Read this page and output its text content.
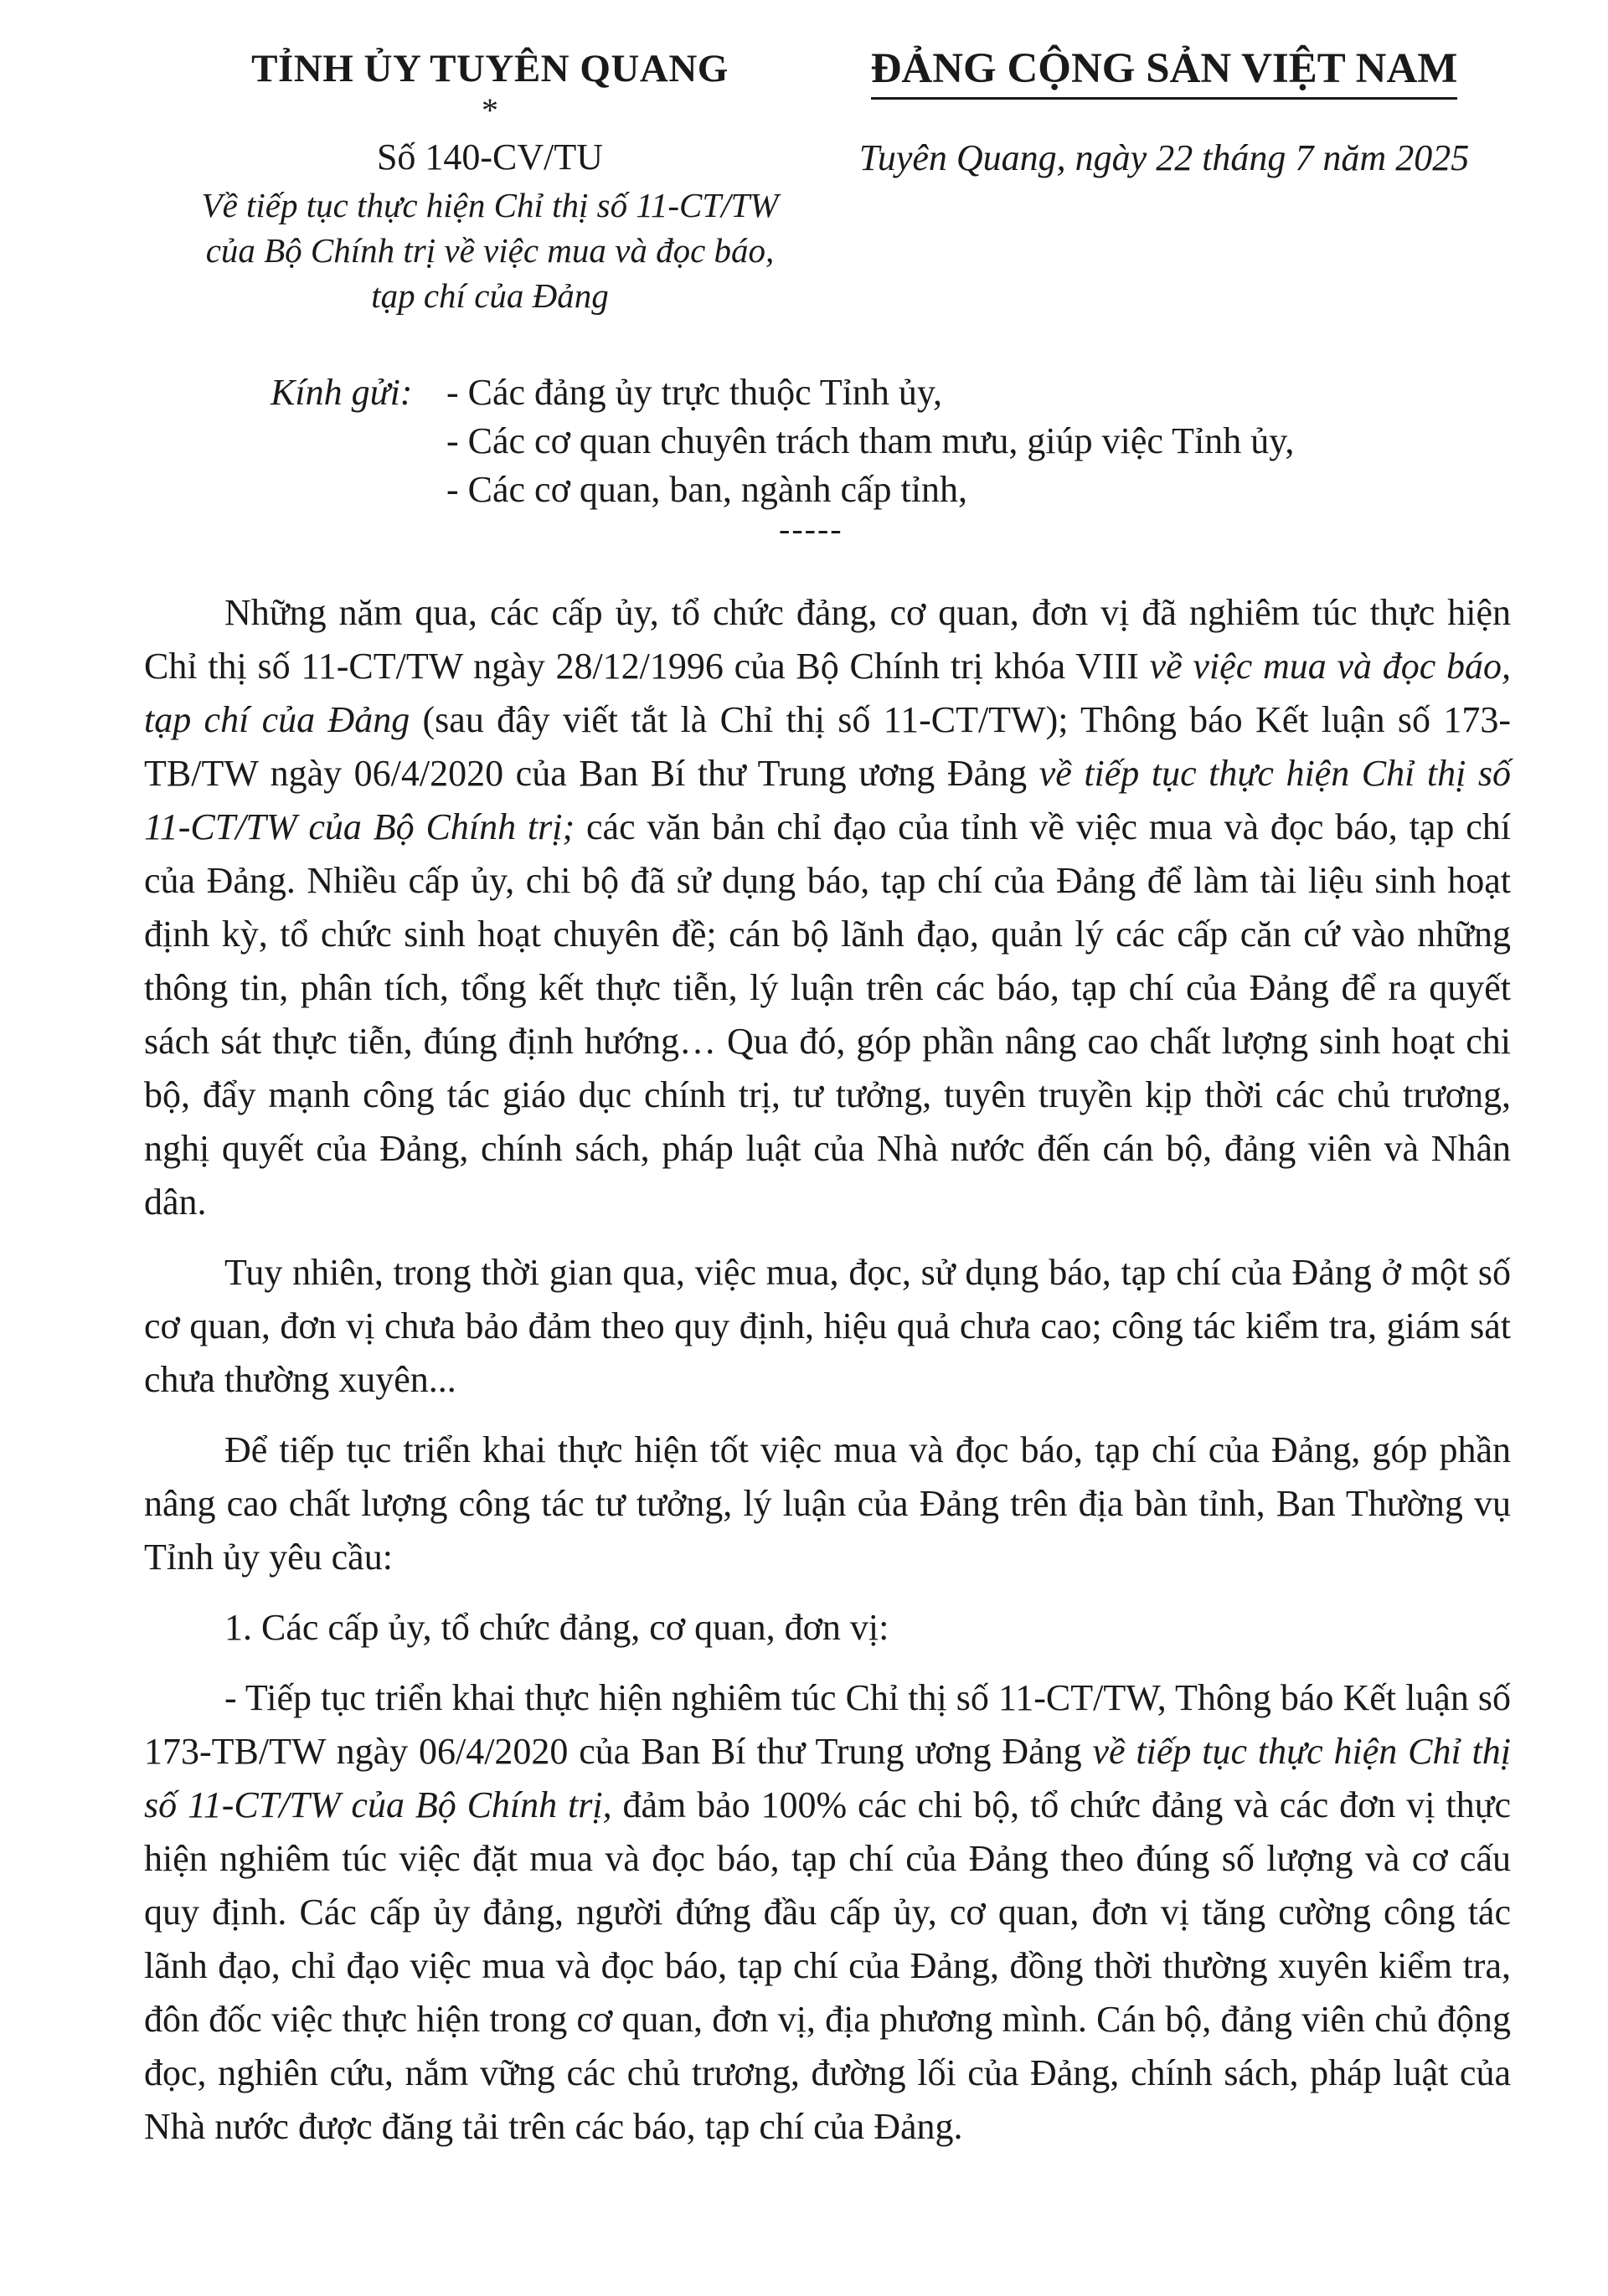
TỈNH ỦY TUYÊN QUANG
*
Số 140-CV/TU
Về tiếp tục thực hiện Chỉ thị số 11-CT/TW
của Bộ Chính trị về việc mua và đọc báo,
tạp chí của Đảng
ĐẢNG CỘNG SẢN VIỆT NAM
Tuyên Quang, ngày 22 tháng 7 năm 2025
Kính gửi: - Các đảng ủy trực thuộc Tỉnh ủy,
- Các cơ quan chuyên trách tham mưu, giúp việc Tỉnh ủy,
- Các cơ quan, ban, ngành cấp tỉnh,
-----

Những năm qua, các cấp ủy, tổ chức đảng, cơ quan, đơn vị đã nghiêm túc thực hiện Chỉ thị số 11-CT/TW ngày 28/12/1996 của Bộ Chính trị khóa VIII về việc mua và đọc báo, tạp chí của Đảng (sau đây viết tắt là Chỉ thị số 11-CT/TW); Thông báo Kết luận số 173-TB/TW ngày 06/4/2020 của Ban Bí thư Trung ương Đảng về tiếp tục thực hiện Chỉ thị số 11-CT/TW của Bộ Chính trị; các văn bản chỉ đạo của tỉnh về việc mua và đọc báo, tạp chí của Đảng. Nhiều cấp ủy, chi bộ đã sử dụng báo, tạp chí của Đảng để làm tài liệu sinh hoạt định kỳ, tổ chức sinh hoạt chuyên đề; cán bộ lãnh đạo, quản lý các cấp căn cứ vào những thông tin, phân tích, tổng kết thực tiễn, lý luận trên các báo, tạp chí của Đảng để ra quyết sách sát thực tiễn, đúng định hướng… Qua đó, góp phần nâng cao chất lượng sinh hoạt chi bộ, đẩy mạnh công tác giáo dục chính trị, tư tưởng, tuyên truyền kịp thời các chủ trương, nghị quyết của Đảng, chính sách, pháp luật của Nhà nước đến cán bộ, đảng viên và Nhân dân.

Tuy nhiên, trong thời gian qua, việc mua, đọc, sử dụng báo, tạp chí của Đảng ở một số cơ quan, đơn vị chưa bảo đảm theo quy định, hiệu quả chưa cao; công tác kiểm tra, giám sát chưa thường xuyên...

Để tiếp tục triển khai thực hiện tốt việc mua và đọc báo, tạp chí của Đảng, góp phần nâng cao chất lượng công tác tư tưởng, lý luận của Đảng trên địa bàn tỉnh, Ban Thường vụ Tỉnh ủy yêu cầu:

1. Các cấp ủy, tổ chức đảng, cơ quan, đơn vị:

- Tiếp tục triển khai thực hiện nghiêm túc Chỉ thị số 11-CT/TW, Thông báo Kết luận số 173-TB/TW ngày 06/4/2020 của Ban Bí thư Trung ương Đảng về tiếp tục thực hiện Chỉ thị số 11-CT/TW của Bộ Chính trị, đảm bảo 100% các chi bộ, tổ chức đảng và các đơn vị thực hiện nghiêm túc việc đặt mua và đọc báo, tạp chí của Đảng theo đúng số lượng và cơ cấu quy định. Các cấp ủy đảng, người đứng đầu cấp ủy, cơ quan, đơn vị tăng cường công tác lãnh đạo, chỉ đạo việc mua và đọc báo, tạp chí của Đảng, đồng thời thường xuyên kiểm tra, đôn đốc việc thực hiện trong cơ quan, đơn vị, địa phương mình. Cán bộ, đảng viên chủ động đọc, nghiên cứu, nắm vững các chủ trương, đường lối của Đảng, chính sách, pháp luật của Nhà nước được đăng tải trên các báo, tạp chí của Đảng.
